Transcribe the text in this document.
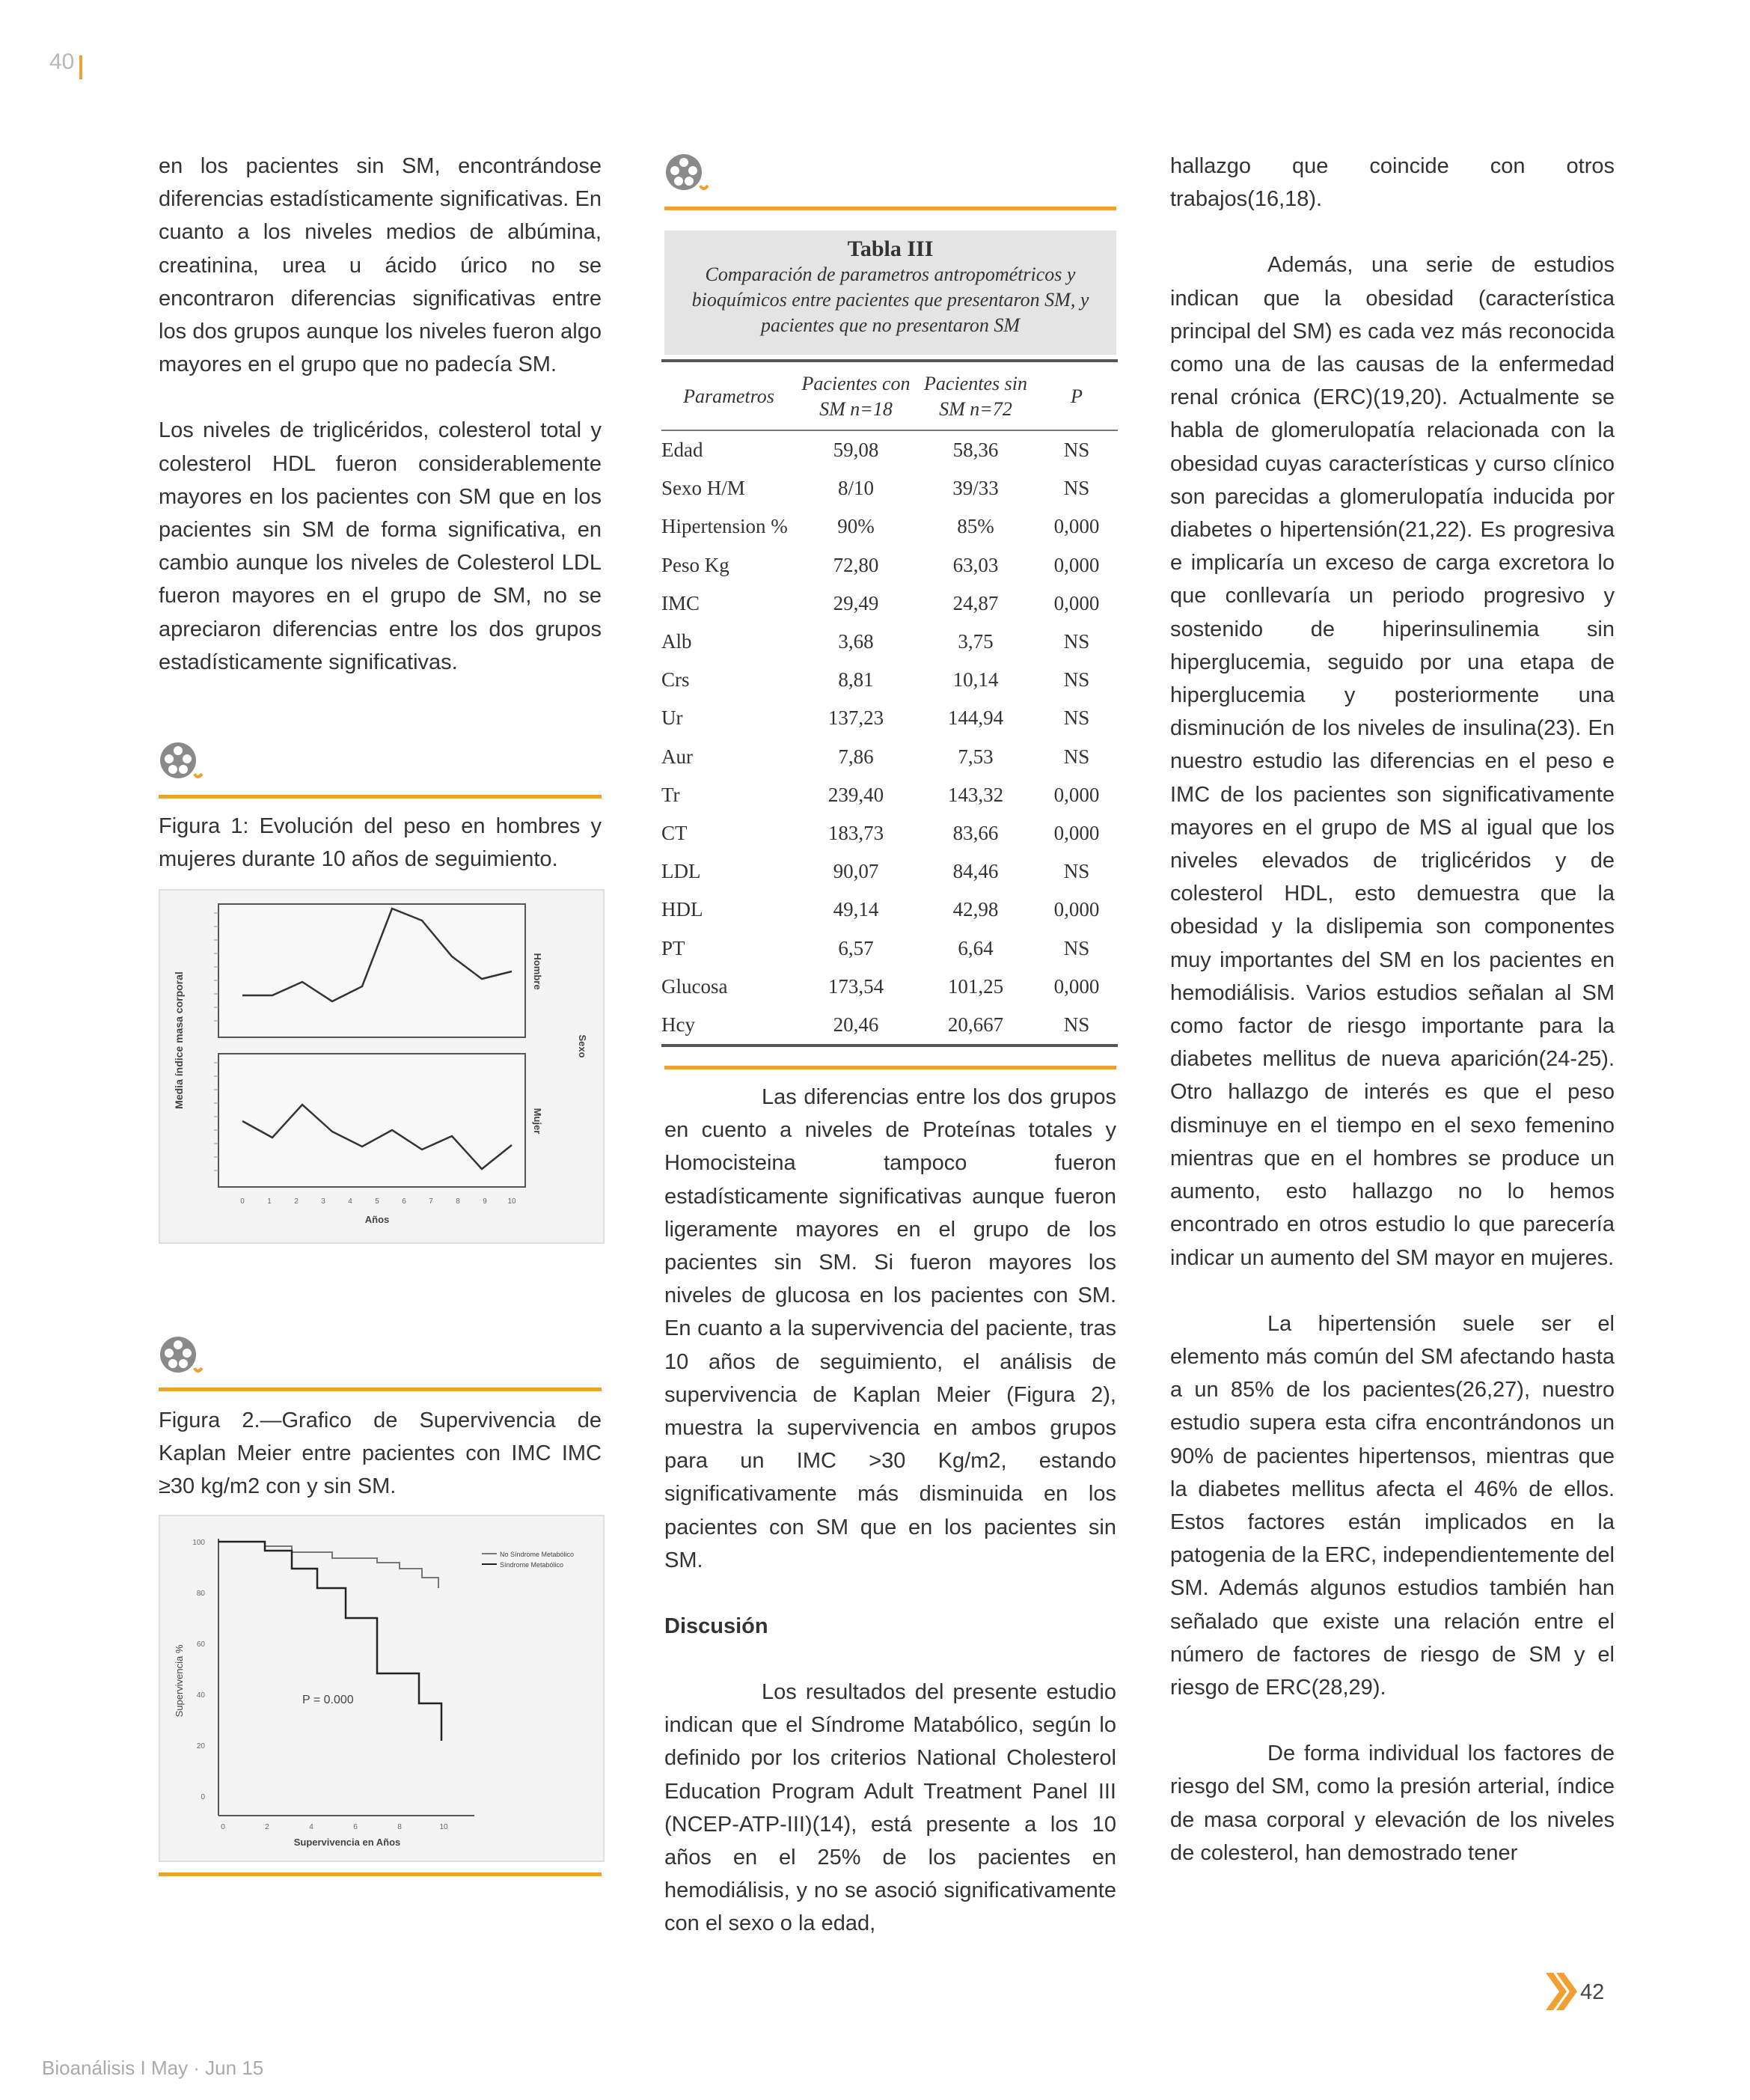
40

en los pacientes sin SM, encontrándose diferencias estadísticamente significativas. En cuanto a los niveles medios de albúmina, creatinina, urea u ácido úrico no se encontraron diferencias significativas entre los dos grupos aunque los niveles fueron algo mayores en el grupo que no padecía SM.

Los niveles de triglicéridos, colesterol total y colesterol HDL fueron considerablemente mayores en los pacientes con SM que en los pacientes sin SM de forma significativa, en cambio aunque los niveles de Colesterol LDL fueron mayores en el grupo de SM, no se apreciaron diferencias entre los dos grupos estadísticamente significativas.

Figura 1: Evolución del peso en hombres y mujeres durante 10 años de seguimiento.
Media índice masa corporal
Hombre
Mujer
Sexo
0	1	2	3	4	5	6	7	8	9	10
Años
Figura 2.—Grafico de Supervivencia de Kaplan Meier entre pacientes con IMC IMC ≥30 kg/m2 con y sin SM.
100
80
60
40
20
0
Supervivencia %	P = 0.000
0	2	4	6	8	10
Supervivencia en Años
No Síndrome Metabólico
Síndrome Metabólico
Tabla III
Comparación de parametros antropométricos y bioquímicos entre pacientes que presentaron SM, y pacientes que no presentaron SM
Parametros	Pacientes con SM n=18	Pacientes sin SM n=72	P
Edad	59,08	58,36	NS
Sexo H/M	8/10	39/33	NS
Hipertension %	90%	85%	0,000
Peso Kg	72,80	63,03	0,000
IMC	29,49	24,87	0,000
Alb	3,68	3,75	NS
Crs	8,81	10,14	NS
Ur	137,23	144,94	NS
Aur	7,86	7,53	NS
Tr	239,40	143,32	0,000
CT	183,73	83,66	0,000
LDL	90,07	84,46	NS
HDL	49,14	42,98	0,000
PT	6,57	6,64	NS
Glucosa	173,54	101,25	0,000
Hcy	20,46	20,667	NS

Las diferencias entre los dos grupos en cuento a niveles de Proteínas totales y Homocisteina tampoco fueron estadísticamente significativas aunque fueron ligeramente mayores en el grupo de los pacientes sin SM. Si fueron mayores los niveles de glucosa en los pacientes con SM. En cuanto a la supervivencia del paciente, tras 10 años de seguimiento, el análisis de supervivencia de Kaplan Meier (Figura 2), muestra la supervivencia en ambos grupos para un IMC >30 Kg/m2, estando significativamente más disminuida en los pacientes con SM que en los pacientes sin SM.

Discusión

Los resultados del presente estudio indican que el Síndrome Matabólico, según lo definido por los criterios National Cholesterol Education Program Adult Treatment Panel III (NCEP-ATP-III)(14), está presente a los 10 años en el 25% de los pacientes en hemodiálisis, y no se asoció significativamente con el sexo o la edad,

hallazgo que coincide con otros trabajos(16,18).

Además, una serie de estudios indican que la obesidad (característica principal del SM) es cada vez más reconocida como una de las causas de la enfermedad renal crónica (ERC)(19,20). Actualmente se habla de glomerulopatía relacionada con la obesidad cuyas características y curso clínico son parecidas a glomerulopatía inducida por diabetes o hipertensión(21,22). Es progresiva e implicaría un exceso de carga excretora lo que conllevaría un periodo progresivo y sostenido de hiperinsulinemia sin hiperglucemia, seguido por una etapa de hiperglucemia y posteriormente una disminución de los niveles de insulina(23). En nuestro estudio las diferencias en el peso e IMC de los pacientes son significativamente mayores en el grupo de MS al igual que los niveles elevados de triglicéridos y de colesterol HDL, esto demuestra que la obesidad y la dislipemia son componentes muy importantes del SM en los pacientes en hemodiálisis. Varios estudios señalan al SM como factor de riesgo importante para la diabetes mellitus de nueva aparición(24-25). Otro hallazgo de interés es que el peso disminuye en el tiempo en el sexo femenino mientras que en el hombres se produce un aumento, esto hallazgo no lo hemos encontrado en otros estudio lo que parecería indicar un aumento del SM mayor en mujeres.

La hipertensión suele ser el elemento más común del SM afectando hasta a un 85% de los pacientes(26,27), nuestro estudio supera esta cifra encontrándonos un 90% de pacientes hipertensos, mientras que la diabetes mellitus afecta el 46% de ellos. Estos factores están implicados en la patogenia de la ERC, independientemente del SM. Además algunos estudios también han señalado que existe una relación entre el número de factores de riesgo de SM y el riesgo de ERC(28,29).

De forma individual los factores de riesgo del SM, como la presión arterial, índice de masa corporal y elevación de los niveles de colesterol, han demostrado tener

42
Bioanálisis I May · Jun 15
